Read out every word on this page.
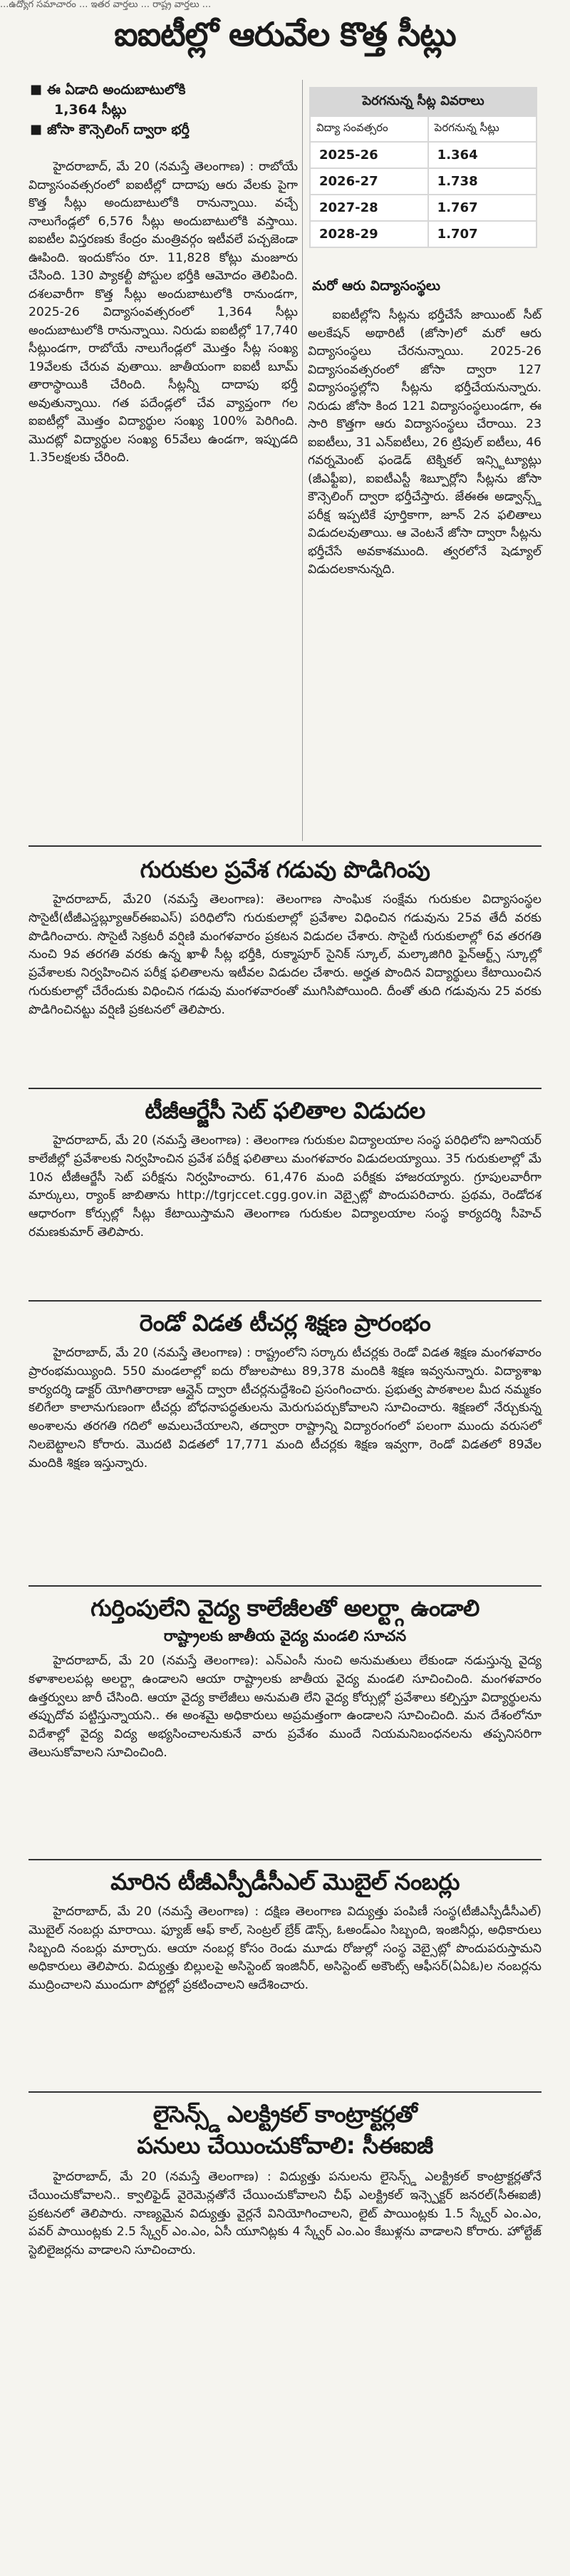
...ఉద్యోగ సమాచారం ... ఇతర వార్తలు ... రాష్ట్ర వార్తలు ...
ఐఐటీల్లో ఆరువేల కొత్త సీట్లు
■ ఈ ఏడాది అందుబాటులోకి
1,364 సీట్లు
■ జోసా కౌన్సెలింగ్ ద్వారా భర్తీ

హైదరాబాద్, మే 20 (నమస్తే తెలంగాణ) : రాబోయే విద్యాసంవత్సరంలో ఐఐటీల్లో దాదాపు ఆరు వేలకు పైగా కొత్త సీట్లు అందుబాటులోకి రానున్నాయి. వచ్చే నాలుగేండ్లలో 6,576 సీట్లు అందుబాటులోకి వస్తాయి. ఐఐటీల విస్తరణకు కేంద్రం మంత్రివర్గం ఇటీవలే పచ్చజెండా ఊపింది. ఇందుకోసం రూ. 11,828 కోట్లు మంజూరు చేసింది. 130 ప్యాకల్టీ పోస్టుల భర్తీకి ఆమోదం తెలిపింది. దశలవారీగా కొత్త సీట్లు అందుబాటులోకి రానుండగా, 2025-26 విద్యాసంవత్సరంలో 1,364 సీట్లు అందుబాటులోకి రానున్నాయి. నిరుడు ఐఐటీల్లో 17,740 సీట్లుండగా, రాబోయే నాలుగేండ్లలో మొత్తం సీట్ల సంఖ్య 19వేలకు చేరువ వుతాయి. జాతీయంగా ఐఐటీ బూమ్ తారాస్థాయికి చేరింది. సీట్లన్నీ దాదాపు భర్తీ అవుతున్నాయి. గత పదేండ్లలో చేవ వ్యాప్తంగా గల ఐఐటీల్లో మొత్తం విద్యార్థుల సంఖ్య 100% పెరిగింది. మొదట్లో విద్యార్థుల సంఖ్య 65వేలు ఉండగా, ఇప్పుడది 1.35లక్షలకు చేరింది.

పెరగనున్న సీట్ల వివరాలు
విద్యా సంవత్సరం	పెరగనున్న సీట్లు
2025-26	1.364
2026-27	1.738
2027-28	1.767
2028-29	1.707
మరో ఆరు విద్యాసంస్థలు

ఐఐటీల్లోని సీట్లను భర్తీచేసే జాయింట్ సీట్ అలకేషన్ అథారిటీ (జోసా)లో మరో ఆరు విద్యాసంస్థలు చేరనున్నాయి. 2025-26 విద్యాసంవత్సరంలో జోసా ద్వారా 127 విద్యాసంస్థల్లోని సీట్లను భర్తీచేయనున్నారు. నిరుడు జోసా కింద 121 విద్యాసంస్థలుండగా, ఈ సారి కొత్తగా ఆరు విద్యాసంస్థలు చేరాయి. 23 ఐఐటీలు, 31 ఎన్ఐటీలు, 26 ట్రిపుల్ ఐటీలు, 46 గవర్నమెంట్ ఫండెడ్ టెక్నికల్ ఇన్స్టిట్యూట్లు (జీఎఫ్టీఐ), ఐఐటీఎస్టీ శిబ్పూర్లోని సీట్లను జోసా కౌన్సెలింగ్ ద్వారా భర్తీచేస్తారు. జేఈఈ అడ్వాన్స్డ్ పరీక్ష ఇప్పటికే పూర్తికాగా, జూన్ 2న ఫలితాలు విడుదలవుతాయి. ఆ వెంటనే జోసా ద్వారా సీట్లను భర్తీచేసే అవకాశముంది. త్వరలోనే షెడ్యూల్ విడుదలకానున్నది.

గురుకుల ప్రవేశ గడువు పొడిగింపు

హైదరాబాద్, మే20 (నమస్తే తెలంగాణ): తెలంగాణ సాంఘిక సంక్షేమ గురుకుల విద్యాసంస్థల సొసైటీ(టీజీఎస్డబ్ల్యూఆర్ఈఐఎస్) పరిధిలోని గురుకులాల్లో ప్రవేశాల విధించిన గడువును 25వ తేదీ వరకు పొడిగించారు. సొసైటీ సెక్రటరీ వర్షిణి మంగళవారం ప్రకటన విడుదల చేశారు. సొసైటీ గురుకులాల్లో 6వ తరగతి నుంచి 9వ తరగతి వరకు ఉన్న ఖాళీ సీట్ల భర్తీకి, రుక్మాపూర్ సైనిక్ స్కూల్, మల్కాజిగిరి ఫైన్ఆర్ట్స్ స్కూల్లో ప్రవేశాలకు నిర్వహించిన పరీక్ష ఫలితాలను ఇటీవల విడుదల చేశారు. అర్హత పొందిన విద్యార్థులు కేటాయించిన గురుకులాల్లో చేరేందుకు విధించిన గడువు మంగళవారంతో ముగిసిపోయింది. దీంతో తుది గడువును 25 వరకు పొడిగించినట్టు వర్షిణి ప్రకటనలో తెలిపారు.

టీజీఆర్జేసీ సెట్ ఫలితాల విడుదల

హైదరాబాద్, మే 20 (నమస్తే తెలంగాణ) : తెలంగాణ గురుకుల విద్యాలయాల సంస్థ పరిధిలోని జూనియర్ కాలేజీల్లో ప్రవేశాలకు నిర్వహించిన ప్రవేశ పరీక్ష ఫలితాలు మంగళవారం విడుదలయ్యాయి. 35 గురుకులాల్లో మే 10న టీజీఆర్జేసీ సెట్ పరీక్షను నిర్వహించారు. 61,476 మంది పరీక్షకు హాజరయ్యారు. గ్రూపులవారీగా మార్కులు, ర్యాంక్ జాబితాను http://tgrjccet.cgg.gov.in వెబ్సైట్లో పొందుపరిచారు. ప్రథమ, రెండోదశ ఆధారంగా కోర్సుల్లో సీట్లు కేటాయిస్తామని తెలంగాణ గురుకుల విద్యాలయాల సంస్థ కార్యదర్శి సీహెచ్ రమణకుమార్ తెలిపారు.

రెండో విడత టీచర్ల శిక్షణ ప్రారంభం

హైదరాబాద్, మే 20 (నమస్తే తెలంగాణ) : రాష్ట్రంలోని సర్కారు టీచర్లకు రెండో విడత శిక్షణ మంగళవారం ప్రారంభమయ్యింది. 550 మండలాల్లో ఐదు రోజులపాటు 89,378 మందికి శిక్షణ ఇవ్వనున్నారు. విద్యాశాఖ కార్యదర్శి డాక్టర్ యోగితారాణా ఆన్లైన్ ద్వారా టీచర్లనుద్దేశించి ప్రసంగించారు. ప్రభుత్వ పాఠశాలల మీద నమ్మకం కలిగేలా కాలానుగుణంగా టీచర్లు బోధనాపద్ధతులను మెరుగుపర్చుకోవాలని సూచించారు. శిక్షణలో నేర్చుకున్న అంశాలను తరగతి గదిలో అమలుచేయాలని, తద్వారా రాష్ట్రాన్ని విద్యారంగంలో పలంగా ముందు వరుసలో నిలబెట్టాలని కోరారు. మొదటి విడతలో 17,771 మంది టీచర్లకు శిక్షణ ఇవ్వగా, రెండో విడతలో 89వేల మందికి శిక్షణ ఇస్తున్నారు.

గుర్తింపులేని వైద్య కాలేజీలతో అలర్ట్గా ఉండాలి
రాష్ట్రాలకు జాతీయ వైద్య మండలి సూచన

హైదరాబాద్, మే 20 (నమస్తే తెలంగాణ): ఎన్ఎంసీ నుంచి అనుమతులు లేకుండా నడుస్తున్న వైద్య కళాశాలలపట్ల అలర్ట్గా ఉండాలని ఆయా రాష్ట్రాలకు జాతీయ వైద్య మండలి సూచించింది. మంగళవారం ఉత్తర్వులు జారీ చేసింది. ఆయా వైద్య కాలేజీలు అనుమతి లేని వైద్య కోర్సుల్లో ప్రవేశాలు కల్పిస్తూ విద్యార్థులను తప్పుదోవ పట్టిస్తున్నాయని.. ఈ అంశమై అధికారులు అప్రమత్తంగా ఉండాలని సూచించింది. మన దేశంలోనూ విదేశాల్లో వైద్య విద్య అభ్యసించాలనుకునే వారు ప్రవేశం ముందే నియమనిబంధనలను తప్పనిసరిగా తెలుసుకోవాలని సూచించింది.

మారిన టీజీఎస్పీడీసీఎల్ మొబైల్ నంబర్లు

హైదరాబాద్, మే 20 (నమస్తే తెలంగాణ) : దక్షిణ తెలంగాణ విద్యుత్తు పంపిణీ సంస్థ(టీజీఎస్పీడీసీఎల్) మొబైల్ నంబర్లు మారాయి. ఫ్యూజ్ ఆఫ్ కాల్, సెంట్రల్ బ్రేక్ డౌన్స్, ఓఅండ్ఎం సిబ్బంది, ఇంజినీర్లు, అధికారులు సిబ్బంది నంబర్లు మార్చారు. ఆయా నంబర్ల కోసం రెండు మూడు రోజుల్లో సంస్థ వెబ్సైట్లో పొందుపరుస్తామని అధికారులు తెలిపారు. విద్యుత్తు బిల్లులపై అసిస్టెంట్ ఇంజినీర్, అసిస్టెంట్ అకౌంట్స్ ఆఫీసర్(ఏఏఓ)ల నంబర్లను ముద్రించాలని ముందుగా పోర్టల్లో ప్రకటించాలని ఆదేశించారు.

లైసెన్స్డ్ ఎలక్ట్రికల్ కాంట్రాక్టర్లతో
పనులు చేయించుకోవాలి: సీఈఐజీ

హైదరాబాద్, మే 20 (నమస్తే తెలంగాణ) : విద్యుత్తు పనులను లైసెన్స్డ్ ఎలక్ట్రికల్ కాంట్రాక్టర్లతోనే చేయించుకోవాలని.. క్వాలిఫైడ్ వైరెమెన్లతోనే చేయించుకోవాలని చీఫ్ ఎలక్ట్రికల్ ఇన్స్పెక్టర్ జనరల్(సీఈఐజీ) ప్రకటనలో తెలిపారు. నాణ్యమైన విద్యుత్తు వైర్లనే వినియోగించాలని, లైట్ పాయింట్లకు 1.5 స్క్వేర్ ఎం.ఎం, పవర్ పాయింట్లకు 2.5 స్క్వేర్ ఎం.ఎం, ఏసీ యూనిట్లకు 4 స్క్వేర్ ఎం.ఎం కేబుళ్లను వాడాలని కోరారు. హోల్టేజ్ స్టెబిలైజర్లను వాడాలని సూచించారు.
